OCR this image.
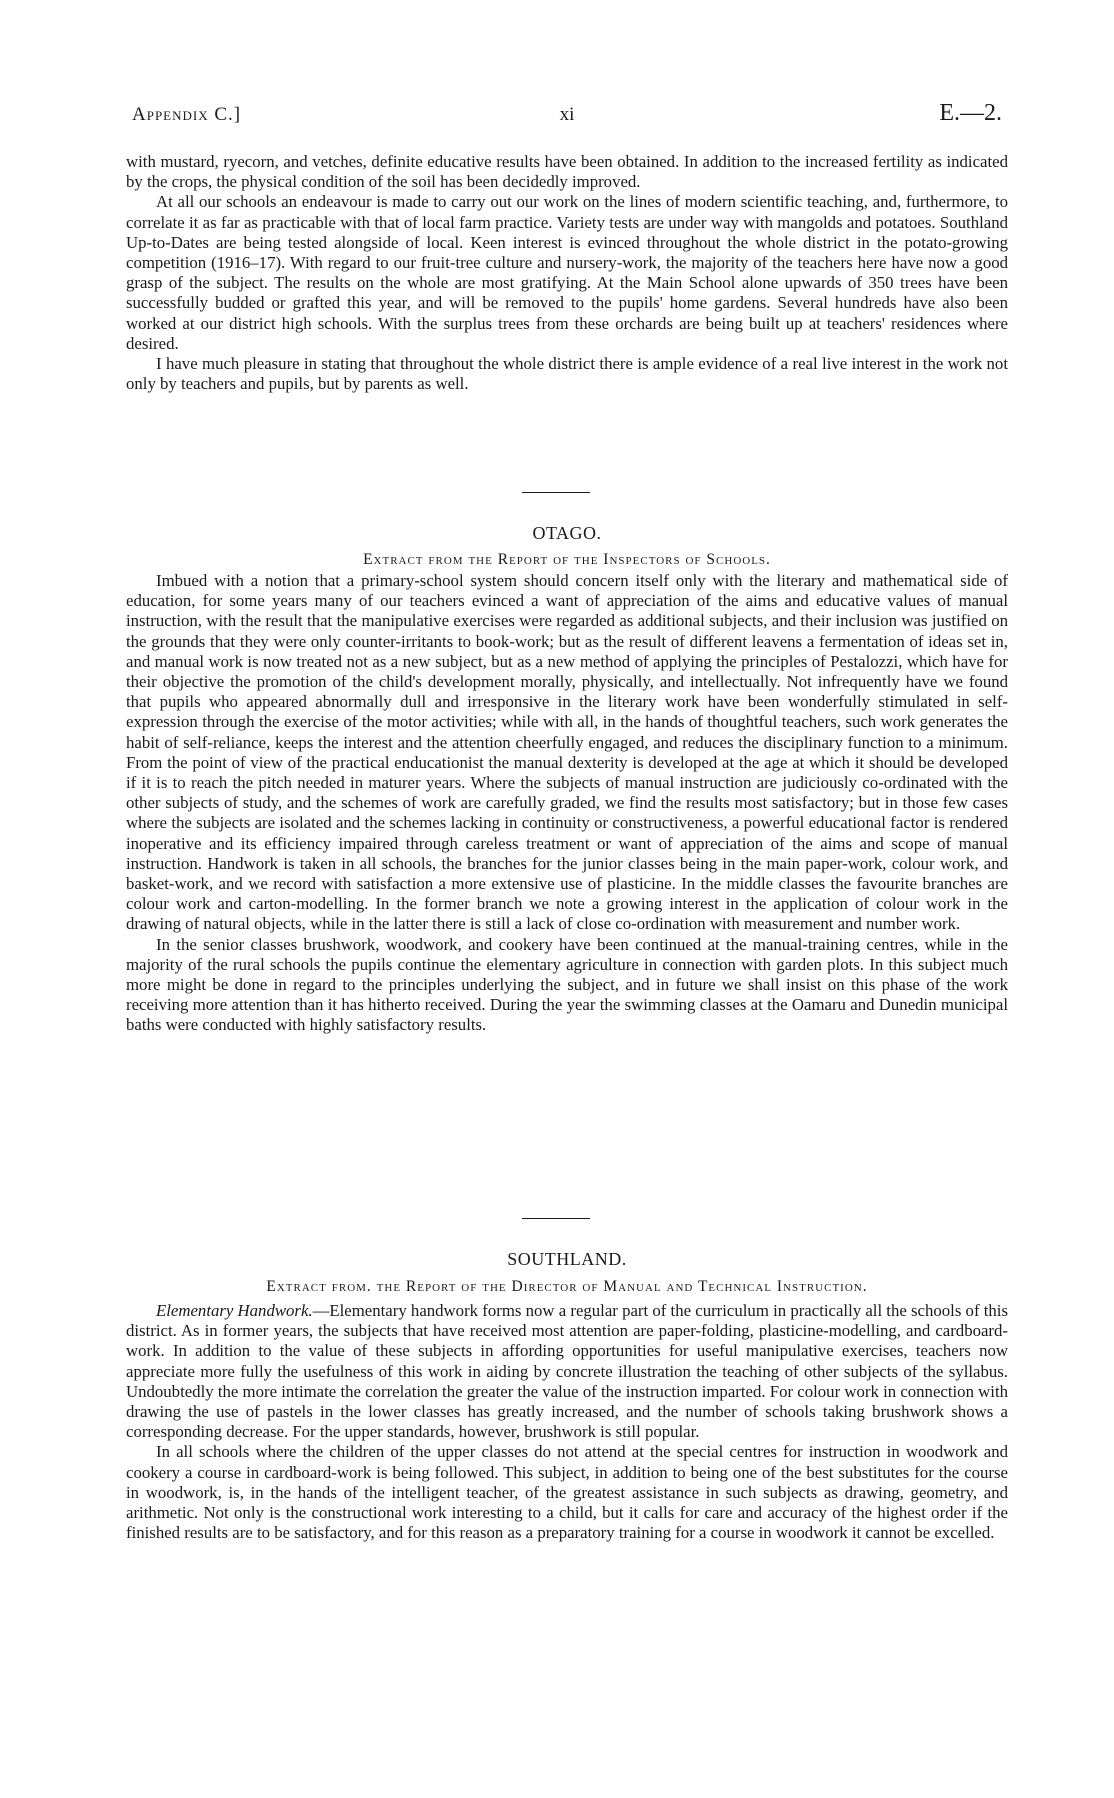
Appendix C.]	xi	E.—2.

with mustard, ryecorn, and vetches, definite educative results have been obtained. In addition to the increased fertility as indicated by the crops, the physical condition of the soil has been decidedly improved.

At all our schools an endeavour is made to carry out our work on the lines of modern scientific teaching, and, furthermore, to correlate it as far as practicable with that of local farm practice. Variety tests are under way with mangolds and potatoes. Southland Up-to-Dates are being tested alongside of local. Keen interest is evinced throughout the whole district in the potato-growing competition (1916–17). With regard to our fruit-tree culture and nursery-work, the majority of the teachers here have now a good grasp of the subject. The results on the whole are most gratifying. At the Main School alone upwards of 350 trees have been successfully budded or grafted this year, and will be removed to the pupils' home gardens. Several hundreds have also been worked at our district high schools. With the surplus trees from these orchards are being built up at teachers' residences where desired.

I have much pleasure in stating that throughout the whole district there is ample evidence of a real live interest in the work not only by teachers and pupils, but by parents as well.

OTAGO.
Extract from the Report of the Inspectors of Schools.

Imbued with a notion that a primary-school system should concern itself only with the literary and mathematical side of education, for some years many of our teachers evinced a want of appreciation of the aims and educative values of manual instruction, with the result that the manipulative exercises were regarded as additional subjects, and their inclusion was justified on the grounds that they were only counter-irritants to book-work; but as the result of different leavens a fermentation of ideas set in, and manual work is now treated not as a new subject, but as a new method of applying the principles of Pestalozzi, which have for their objective the promotion of the child's development morally, physically, and intellectually. Not infrequently have we found that pupils who appeared abnormally dull and irresponsive in the literary work have been wonderfully stimulated in self-expression through the exercise of the motor activities; while with all, in the hands of thoughtful teachers, such work generates the habit of self-reliance, keeps the interest and the attention cheerfully engaged, and reduces the disciplinary function to a minimum. From the point of view of the practical enducationist the manual dexterity is developed at the age at which it should be developed if it is to reach the pitch needed in maturer years. Where the subjects of manual instruction are judiciously co-ordinated with the other subjects of study, and the schemes of work are carefully graded, we find the results most satisfactory; but in those few cases where the subjects are isolated and the schemes lacking in continuity or constructiveness, a powerful educational factor is rendered inoperative and its efficiency impaired through careless treatment or want of appreciation of the aims and scope of manual instruction. Handwork is taken in all schools, the branches for the junior classes being in the main paper-work, colour work, and basket-work, and we record with satisfaction a more extensive use of plasticine. In the middle classes the favourite branches are colour work and carton-modelling. In the former branch we note a growing interest in the application of colour work in the drawing of natural objects, while in the latter there is still a lack of close co-ordination with measurement and number work.

In the senior classes brushwork, woodwork, and cookery have been continued at the manual-training centres, while in the majority of the rural schools the pupils continue the elementary agriculture in connection with garden plots. In this subject much more might be done in regard to the principles underlying the subject, and in future we shall insist on this phase of the work receiving more attention than it has hitherto received. During the year the swimming classes at the Oamaru and Dunedin municipal baths were conducted with highly satisfactory results.

SOUTHLAND.
Extract from. the Report of the Director of Manual and Technical Instruction.

Elementary Handwork.—Elementary handwork forms now a regular part of the curriculum in practically all the schools of this district. As in former years, the subjects that have received most attention are paper-folding, plasticine-modelling, and cardboard-work. In addition to the value of these subjects in affording opportunities for useful manipulative exercises, teachers now appreciate more fully the usefulness of this work in aiding by concrete illustration the teaching of other subjects of the syllabus. Undoubtedly the more intimate the correlation the greater the value of the instruction imparted. For colour work in connection with drawing the use of pastels in the lower classes has greatly increased, and the number of schools taking brushwork shows a corresponding decrease. For the upper standards, however, brushwork is still popular.

In all schools where the children of the upper classes do not attend at the special centres for instruction in woodwork and cookery a course in cardboard-work is being followed. This subject, in addition to being one of the best substitutes for the course in woodwork, is, in the hands of the intelligent teacher, of the greatest assistance in such subjects as drawing, geometry, and arithmetic. Not only is the constructional work interesting to a child, but it calls for care and accuracy of the highest order if the finished results are to be satisfactory, and for this reason as a preparatory training for a course in woodwork it cannot be excelled.
